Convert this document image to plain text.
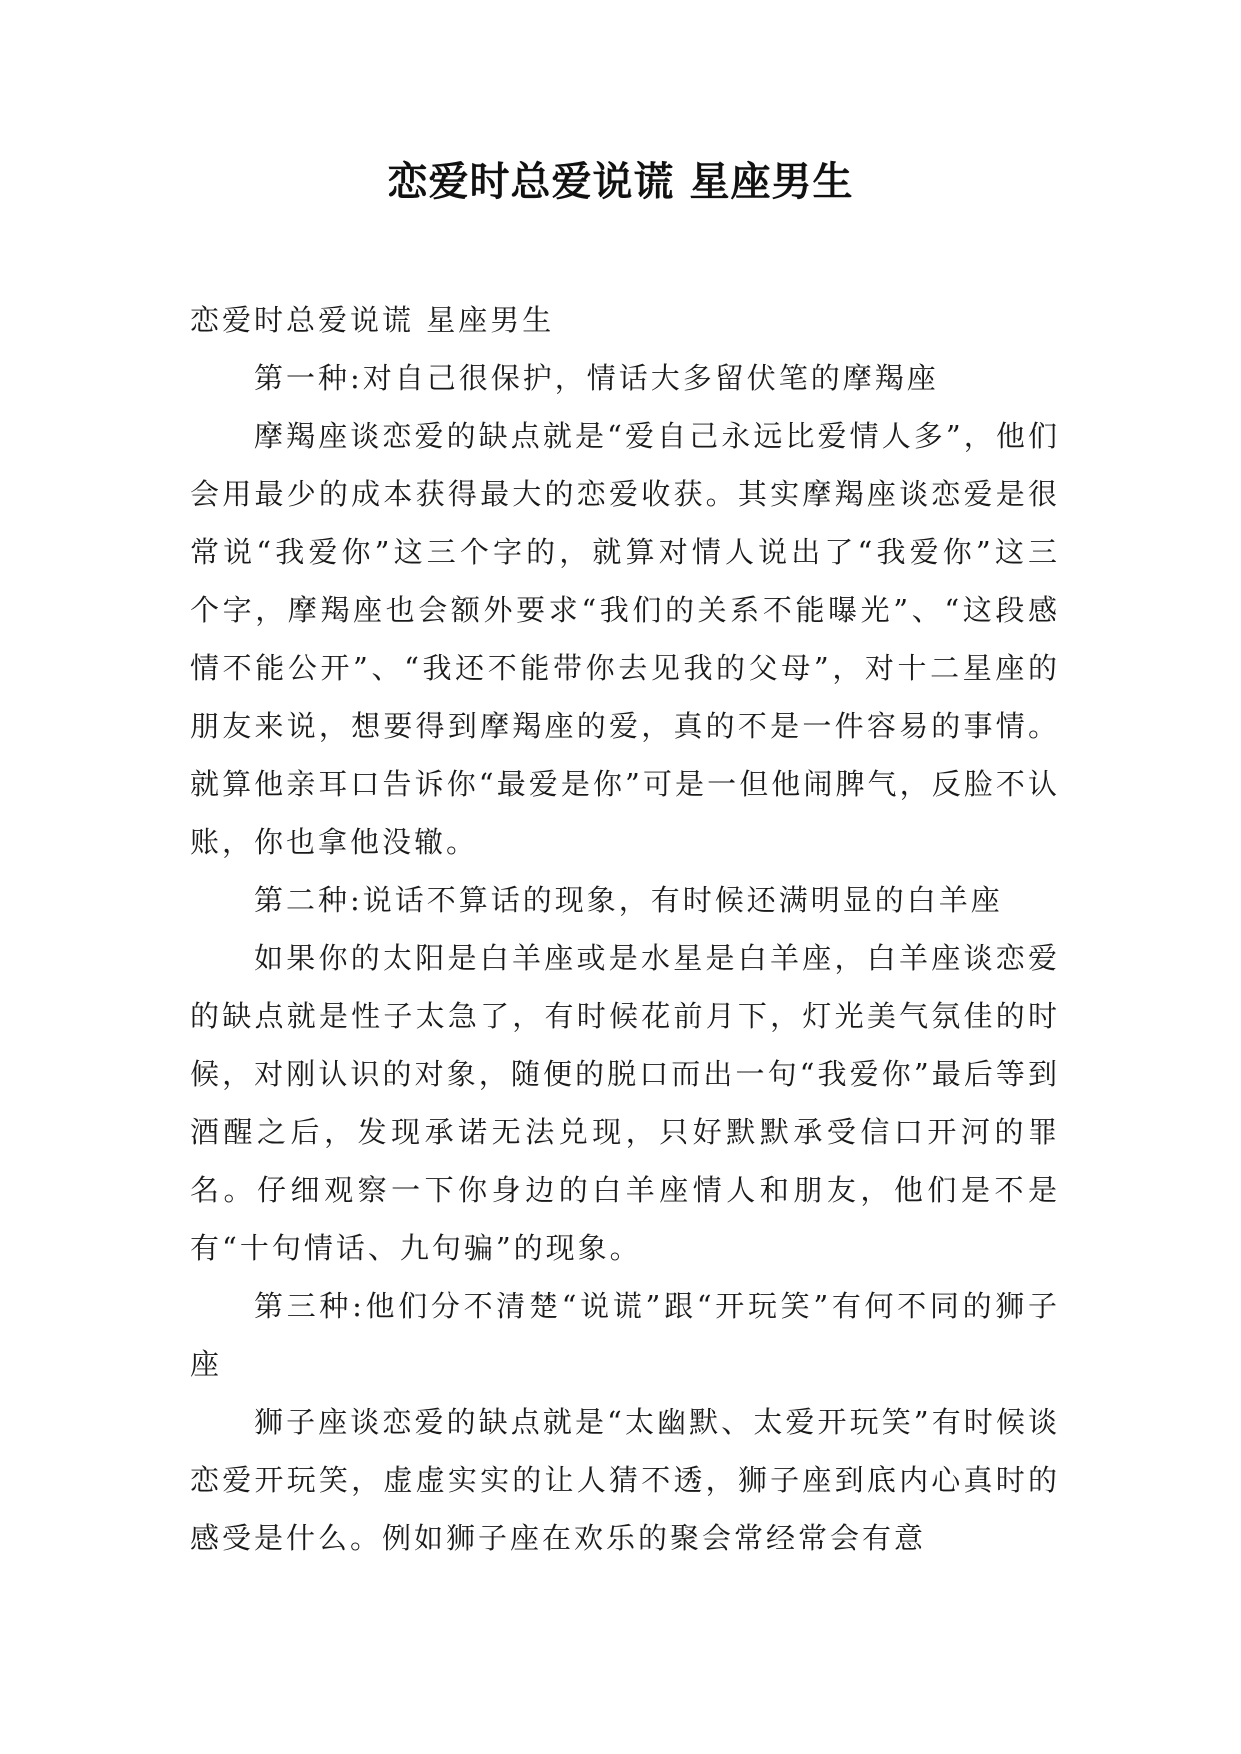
恋爱时总爱说谎 星座男生

恋爱时总爱说谎 星座男生

第一种:对自己很保护，情话大多留伏笔的摩羯座

摩羯座谈恋爱的缺点就是“爱自己永远比爱情人多”，他们会用最少的成本获得最大的恋爱收获。其实摩羯座谈恋爱是很常说“我爱你”这三个字的，就算对情人说出了“我爱你”这三个字，摩羯座也会额外要求“我们的关系不能曝光”、“这段感情不能公开”、“我还不能带你去见我的父母”，对十二星座的朋友来说，想要得到摩羯座的爱，真的不是一件容易的事情。就算他亲耳口告诉你“最爱是你”可是一但他闹脾气，反脸不认账，你也拿他没辙。

第二种:说话不算话的现象，有时候还满明显的白羊座

如果你的太阳是白羊座或是水星是白羊座，白羊座谈恋爱的缺点就是性子太急了，有时候花前月下，灯光美气氛佳的时候，对刚认识的对象，随便的脱口而出一句“我爱你”最后等到酒醒之后，发现承诺无法兑现，只好默默承受信口开河的罪名。仔细观察一下你身边的白羊座情人和朋友，他们是不是有“十句情话、九句骗”的现象。

第三种:他们分不清楚“说谎”跟“开玩笑”有何不同的狮子座

狮子座谈恋爱的缺点就是“太幽默、太爱开玩笑”有时候谈恋爱开玩笑，虚虚实实的让人猜不透，狮子座到底内心真时的感受是什么。例如狮子座在欢乐的聚会常经常会有意
